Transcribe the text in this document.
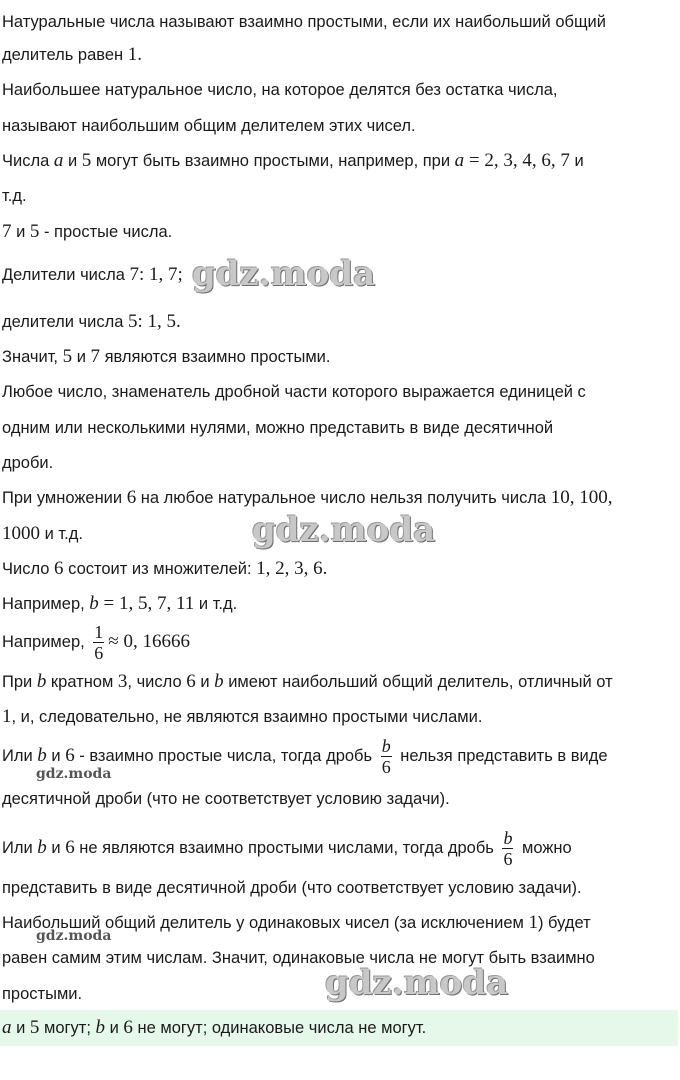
Натуральные числа называют взаимно простыми, если их наибольший общий
делитель равен 1.
Наибольшее натуральное число, на которое делятся без остатка числа,
называют наибольшим общим делителем этих чисел.
Числа a и 5 могут быть взаимно простыми, например, при a = 2, 3, 4, 6, 7 и
т.д.
7 и 5 - простые числа.
Делители числа 7: 1, 7;
делители числа 5: 1, 5.
Значит, 5 и 7 являются взаимно простыми.
Любое число, знаменатель дробной части которого выражается единицей с
одним или несколькими нулями, можно представить в виде десятичной
дроби.
При умножении 6 на любое натуральное число нельзя получить числа 10, 100,
1000 и т.д.
Число 6 состоит из множителей: 1, 2, 3, 6.
Например, b = 1, 5, 7, 11 и т.д.
Например, $\frac{1}{6} \approx 0$, 16666
При b кратном 3, число 6 и b имеют наибольший общий делитель, отличный от
1, и, следовательно, не являются взаимно простыми числами.
Или b и 6 - взаимно простые числа, тогда дробь $\frac{b}{6}$ нельзя представить в виде
десятичной дроби (что не соответствует условию задачи).
Или b и 6 не являются взаимно простыми числами, тогда дробь $\frac{b}{6}$ можно
представить в виде десятичной дроби (что соответствует условию задачи).
Наибольший общий делитель у одинаковых чисел (за исключением 1) будет
равен самим этим числам. Значит, одинаковые числа не могут быть взаимно
простыми.
a и 5 могут; b и 6 не могут; одинаковые числа не могут.
gdz.moda
gdz.moda
gdz.moda
gdz.moda
gdz.moda
